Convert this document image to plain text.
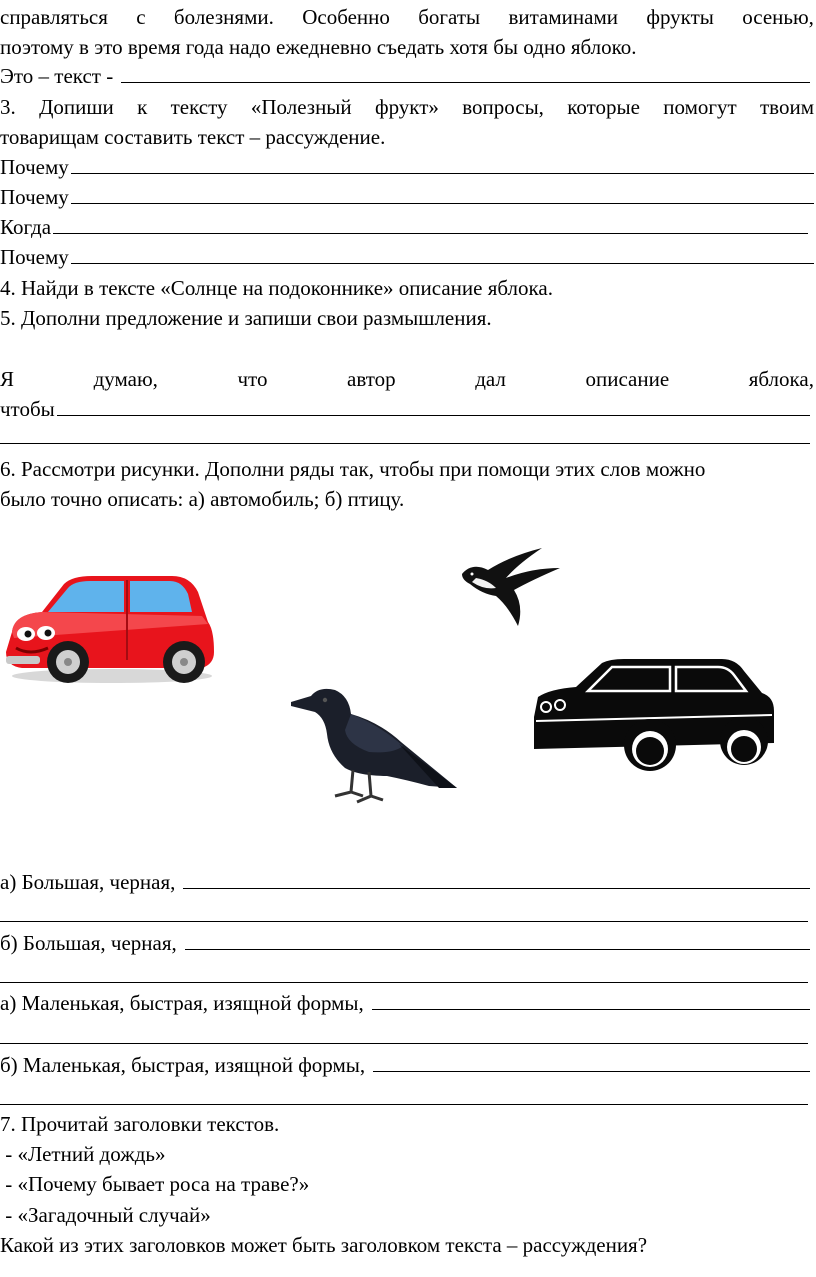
справляться с болезнями. Особенно богаты витаминами фрукты осенью,
поэтому в это время года надо ежедневно съедать хотя бы одно яблоко.
Это – текст -
3. Допиши к тексту «Полезный фрукт» вопросы, которые помогут твоим
товарищам составить текст – рассуждение.
Почему
Почему
Когда
Почему
4. Найди в тексте «Солнце на подоконнике» описание яблока.
5. Дополни предложение и запиши свои размышления.
Я	думаю,	что	автор	дал	описание	яблока,
чтобы
6. Рассмотри рисунки. Дополни ряды так, чтобы при помощи этих слов можно
было точно описать: а) автомобиль; б) птицу.
а) Большая, черная,
б) Большая, черная,
а) Маленькая, быстрая, изящной формы,
б) Маленькая, быстрая, изящной формы,
7. Прочитай заголовки текстов.
- «Летний дождь»
- «Почему бывает роса на траве?»
- «Загадочный случай»
Какой из этих заголовков может быть заголовком текста – рассуждения?
